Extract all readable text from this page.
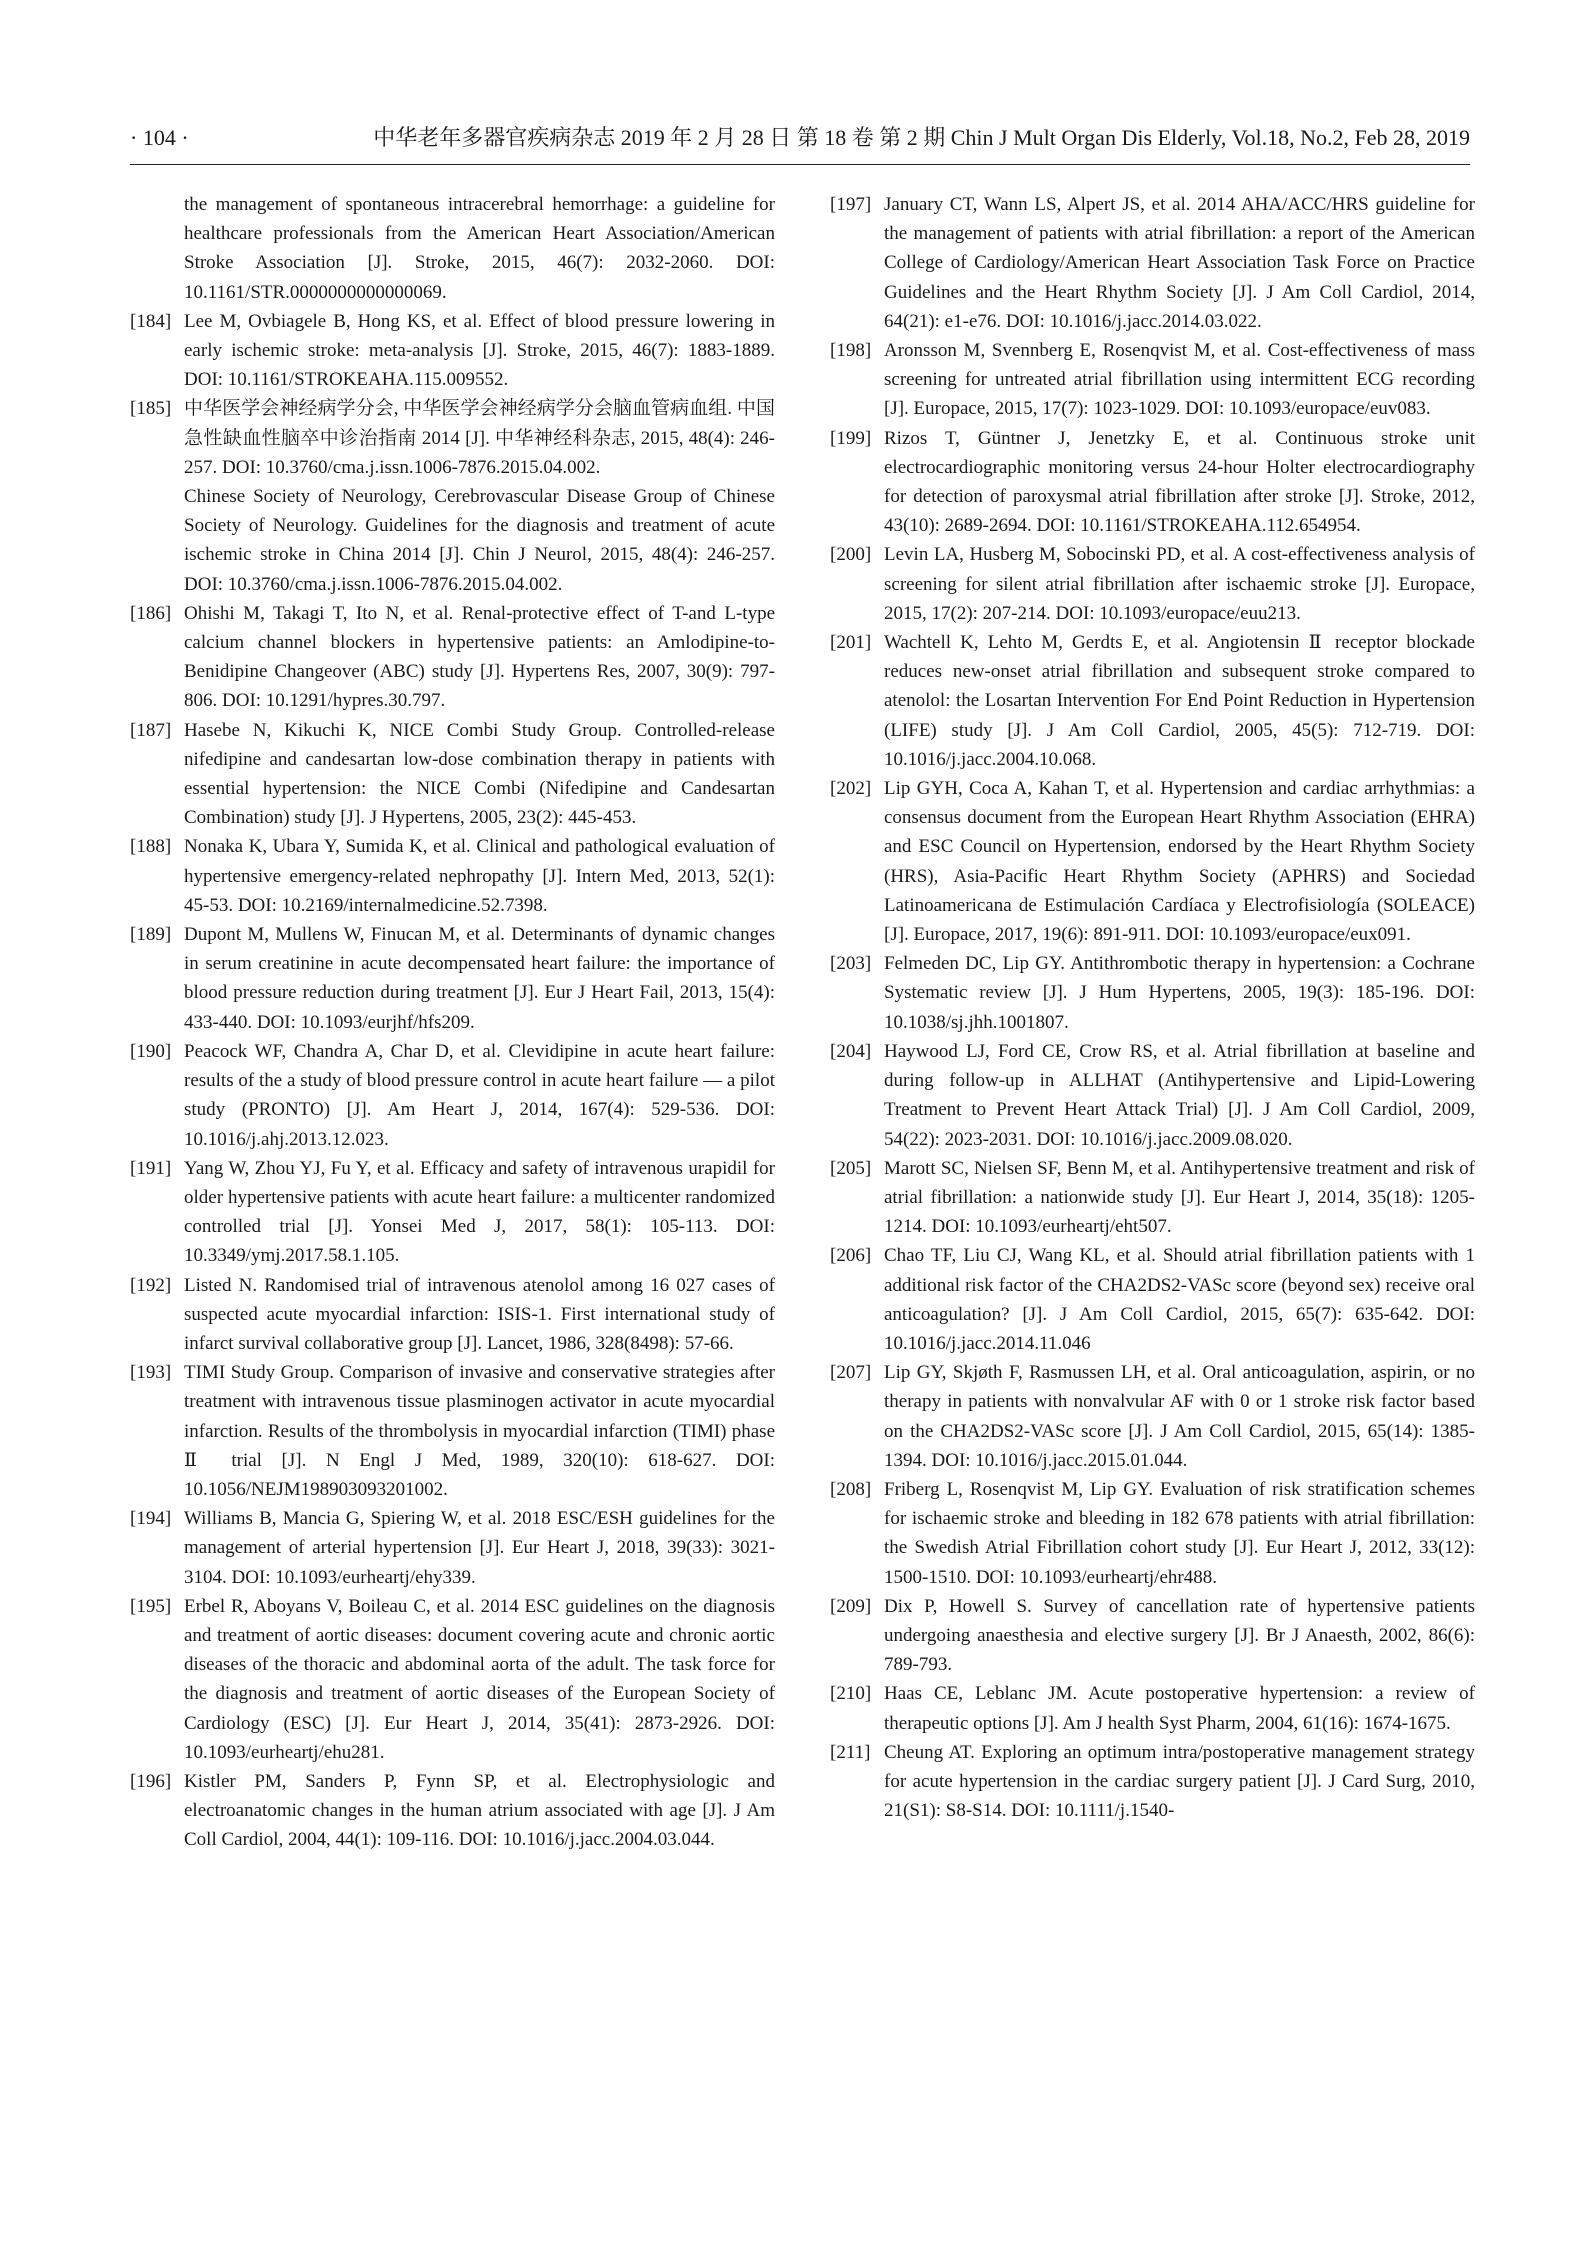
· 104 ·	中华老年多器官疾病杂志 2019 年 2 月 28 日 第 18 卷 第 2 期 Chin J Mult Organ Dis Elderly, Vol.18, No.2, Feb 28, 2019
the management of spontaneous intracerebral hemorrhage: a guideline for healthcare professionals from the American Heart Association/American Stroke Association [J]. Stroke, 2015, 46(7): 2032-2060. DOI: 10.1161/STR.0000000000000069.
[184] Lee M, Ovbiagele B, Hong KS, et al. Effect of blood pressure lowering in early ischemic stroke: meta-analysis [J]. Stroke, 2015, 46(7): 1883-1889. DOI: 10.1161/STROKEAHA.115.009552.
[185] 中华医学会神经病学分会, 中华医学会神经病学分会脑血管病血组. 中国急性缺血性脑卒中诊治指南 2014 [J]. 中华神经科杂志, 2015, 48(4): 246-257. DOI: 10.3760/cma.j.issn.1006-7876.2015.04.002.
Chinese Society of Neurology, Cerebrovascular Disease Group of Chinese Society of Neurology. Guidelines for the diagnosis and treatment of acute ischemic stroke in China 2014 [J]. Chin J Neurol, 2015, 48(4): 246-257. DOI: 10.3760/cma.j.issn.1006-7876.2015.04.002.
[186] Ohishi M, Takagi T, Ito N, et al. Renal-protective effect of T-and L-type calcium channel blockers in hypertensive patients: an Amlodipine-to-Benidipine Changeover (ABC) study [J]. Hypertens Res, 2007, 30(9): 797-806. DOI: 10.1291/hypres.30.797.
[187] Hasebe N, Kikuchi K, NICE Combi Study Group. Controlled-release nifedipine and candesartan low-dose combination therapy in patients with essential hypertension: the NICE Combi (Nifedipine and Candesartan Combination) study [J]. J Hypertens, 2005, 23(2): 445-453.
[188] Nonaka K, Ubara Y, Sumida K, et al. Clinical and pathological evaluation of hypertensive emergency-related nephropathy [J]. Intern Med, 2013, 52(1): 45-53. DOI: 10.2169/internalmedicine.52.7398.
[189] Dupont M, Mullens W, Finucan M, et al. Determinants of dynamic changes in serum creatinine in acute decompensated heart failure: the importance of blood pressure reduction during treatment [J]. Eur J Heart Fail, 2013, 15(4): 433-440. DOI: 10.1093/eurjhf/hfs209.
[190] Peacock WF, Chandra A, Char D, et al. Clevidipine in acute heart failure: results of the a study of blood pressure control in acute heart failure — a pilot study (PRONTO) [J]. Am Heart J, 2014, 167(4): 529-536. DOI: 10.1016/j.ahj.2013.12.023.
[191] Yang W, Zhou YJ, Fu Y, et al. Efficacy and safety of intravenous urapidil for older hypertensive patients with acute heart failure: a multicenter randomized controlled trial [J]. Yonsei Med J, 2017, 58(1): 105-113. DOI: 10.3349/ymj.2017.58.1.105.
[192] Listed N. Randomised trial of intravenous atenolol among 16 027 cases of suspected acute myocardial infarction: ISIS-1. First international study of infarct survival collaborative group [J]. Lancet, 1986, 328(8498): 57-66.
[193] TIMI Study Group. Comparison of invasive and conservative strategies after treatment with intravenous tissue plasminogen activator in acute myocardial infarction. Results of the thrombolysis in myocardial infarction (TIMI) phase Ⅱ trial [J]. N Engl J Med, 1989, 320(10): 618-627. DOI: 10.1056/NEJM198903093201002.
[194] Williams B, Mancia G, Spiering W, et al. 2018 ESC/ESH guidelines for the management of arterial hypertension [J]. Eur Heart J, 2018, 39(33): 3021-3104. DOI: 10.1093/eurheartj/ehy339.
[195] Erbel R, Aboyans V, Boileau C, et al. 2014 ESC guidelines on the diagnosis and treatment of aortic diseases: document covering acute and chronic aortic diseases of the thoracic and abdominal aorta of the adult. The task force for the diagnosis and treatment of aortic diseases of the European Society of Cardiology (ESC) [J]. Eur Heart J, 2014, 35(41): 2873-2926. DOI: 10.1093/eurheartj/ehu281.
[196] Kistler PM, Sanders P, Fynn SP, et al. Electrophysiologic and electroanatomic changes in the human atrium associated with age [J]. J Am Coll Cardiol, 2004, 44(1): 109-116. DOI: 10.1016/j.jacc.2004.03.044.
[197] January CT, Wann LS, Alpert JS, et al. 2014 AHA/ACC/HRS guideline for the management of patients with atrial fibrillation: a report of the American College of Cardiology/American Heart Association Task Force on Practice Guidelines and the Heart Rhythm Society [J]. J Am Coll Cardiol, 2014, 64(21): e1-e76. DOI: 10.1016/j.jacc.2014.03.022.
[198] Aronsson M, Svennberg E, Rosenqvist M, et al. Cost-effectiveness of mass screening for untreated atrial fibrillation using intermittent ECG recording [J]. Europace, 2015, 17(7): 1023-1029. DOI: 10.1093/europace/euv083.
[199] Rizos T, Güntner J, Jenetzky E, et al. Continuous stroke unit electrocardiographic monitoring versus 24-hour Holter electrocardiography for detection of paroxysmal atrial fibrillation after stroke [J]. Stroke, 2012, 43(10): 2689-2694. DOI: 10.1161/STROKEAHA.112.654954.
[200] Levin LA, Husberg M, Sobocinski PD, et al. A cost-effectiveness analysis of screening for silent atrial fibrillation after ischaemic stroke [J]. Europace, 2015, 17(2): 207-214. DOI: 10.1093/europace/euu213.
[201] Wachtell K, Lehto M, Gerdts E, et al. Angiotensin Ⅱ receptor blockade reduces new-onset atrial fibrillation and subsequent stroke compared to atenolol: the Losartan Intervention For End Point Reduction in Hypertension (LIFE) study [J]. J Am Coll Cardiol, 2005, 45(5): 712-719. DOI: 10.1016/j.jacc.2004.10.068.
[202] Lip GYH, Coca A, Kahan T, et al. Hypertension and cardiac arrhythmias: a consensus document from the European Heart Rhythm Association (EHRA) and ESC Council on Hypertension, endorsed by the Heart Rhythm Society (HRS), Asia-Pacific Heart Rhythm Society (APHRS) and Sociedad Latinoamericana de Estimulación Cardíaca y Electrofisiología (SOLEACE) [J]. Europace, 2017, 19(6): 891-911. DOI: 10.1093/europace/eux091.
[203] Felmeden DC, Lip GY. Antithrombotic therapy in hypertension: a Cochrane Systematic review [J]. J Hum Hypertens, 2005, 19(3): 185-196. DOI: 10.1038/sj.jhh.1001807.
[204] Haywood LJ, Ford CE, Crow RS, et al. Atrial fibrillation at baseline and during follow-up in ALLHAT (Antihypertensive and Lipid-Lowering Treatment to Prevent Heart Attack Trial) [J]. J Am Coll Cardiol, 2009, 54(22): 2023-2031. DOI: 10.1016/j.jacc.2009.08.020.
[205] Marott SC, Nielsen SF, Benn M, et al. Antihypertensive treatment and risk of atrial fibrillation: a nationwide study [J]. Eur Heart J, 2014, 35(18): 1205-1214. DOI: 10.1093/eurheartj/eht507.
[206] Chao TF, Liu CJ, Wang KL, et al. Should atrial fibrillation patients with 1 additional risk factor of the CHA2DS2-VASc score (beyond sex) receive oral anticoagulation? [J]. J Am Coll Cardiol, 2015, 65(7): 635-642. DOI: 10.1016/j.jacc.2014.11.046
[207] Lip GY, Skjøth F, Rasmussen LH, et al. Oral anticoagulation, aspirin, or no therapy in patients with nonvalvular AF with 0 or 1 stroke risk factor based on the CHA2DS2-VASc score [J]. J Am Coll Cardiol, 2015, 65(14): 1385-1394. DOI: 10.1016/j.jacc.2015.01.044.
[208] Friberg L, Rosenqvist M, Lip GY. Evaluation of risk stratification schemes for ischaemic stroke and bleeding in 182 678 patients with atrial fibrillation: the Swedish Atrial Fibrillation cohort study [J]. Eur Heart J, 2012, 33(12): 1500-1510. DOI: 10.1093/eurheartj/ehr488.
[209] Dix P, Howell S. Survey of cancellation rate of hypertensive patients undergoing anaesthesia and elective surgery [J]. Br J Anaesth, 2002, 86(6): 789-793.
[210] Haas CE, Leblanc JM. Acute postoperative hypertension: a review of therapeutic options [J]. Am J health Syst Pharm, 2004, 61(16): 1674-1675.
[211] Cheung AT. Exploring an optimum intra/postoperative management strategy for acute hypertension in the cardiac surgery patient [J]. J Card Surg, 2010, 21(S1): S8-S14. DOI: 10.1111/j.1540-
